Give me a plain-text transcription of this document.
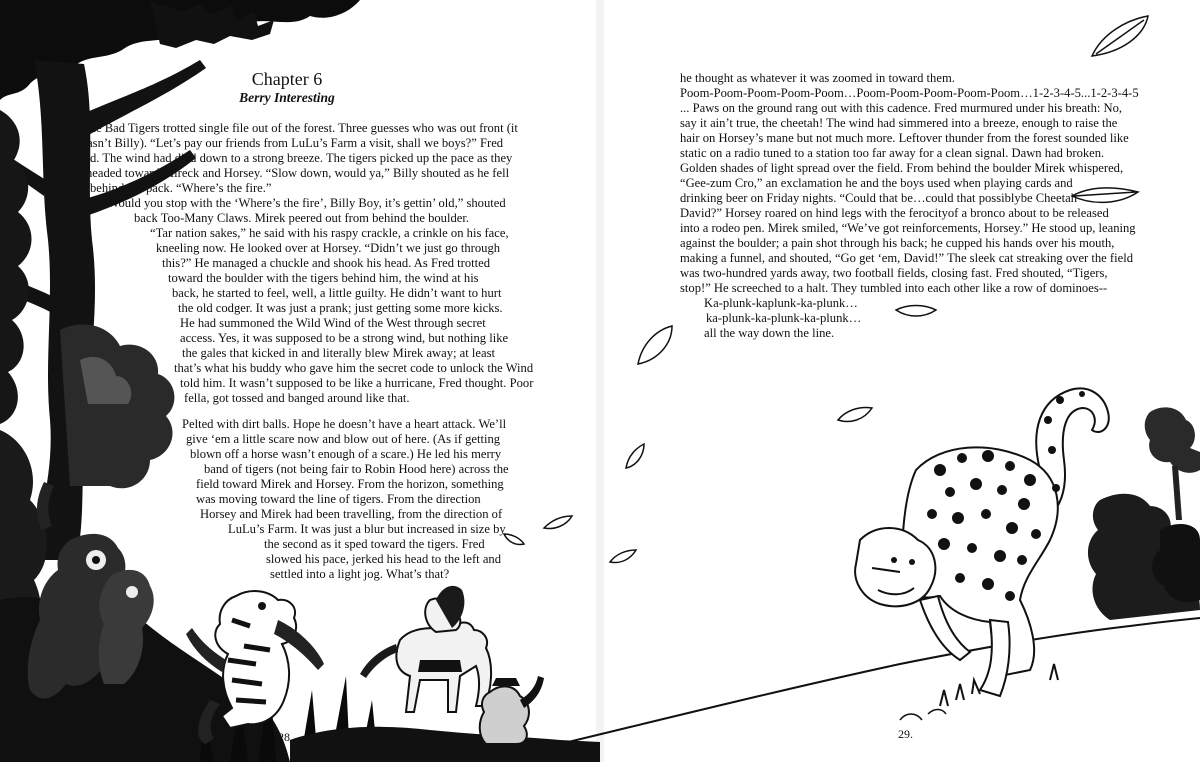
Chapter 6
Berry Interesting
The Bad Tigers trotted single file out of the forest. Three guesses who was out front (it
wasn’t Billy). “Let’s pay our friends from LuLu’s Farm a visit, shall we boys?” Fred
said. The wind had died down to a strong breeze. The tigers picked up the pace as they
headed toward Mireck and Horsey. “Slow down, would ya,” Billy shouted as he fell
behind the pack. “Where’s the fire.”
“Would you stop with the ‘Where’s the fire’, Billy Boy, it’s gettin’ old,” shouted
back Too-Many Claws. Mirek peered out from behind the boulder.
“Tar nation sakes,” he said with his raspy crackle, a crinkle on his face,
kneeling now. He looked over at Horsey. “Didn’t we just go through
this?” He managed a chuckle and shook his head. As Fred trotted
toward the boulder with the tigers behind him, the wind at his
back, he started to feel, well, a little guilty. He didn’t want to hurt
the old codger. It was just a prank; just getting some more kicks.
He had summoned the Wild Wind of the West through secret
access. Yes, it was supposed to be a strong wind, but nothing like
the gales that kicked in and literally blew Mirek away; at least
that’s what his buddy who gave him the secret code to unlock the Wind
told him. It wasn’t supposed to be like a hurricane, Fred thought. Poor
fella, got tossed and banged around like that.
Pelted with dirt balls. Hope he doesn’t have a heart attack. We’ll
give ‘em a little scare now and blow out of here. (As if getting
blown off a horse wasn’t enough of a scare.) He led his merry
band of tigers (not being fair to Robin Hood here) across the
field toward Mirek and Horsey. From the horizon, something
was moving toward the line of tigers. From the direction
Horsey and Mirek had been travelling, from the direction of
LuLu’s Farm. It was just a blur but increased in size by
the second as it sped toward the tigers. Fred
slowed his pace, jerked his head to the left and
settled into a light jog. What’s that?
28.
he thought as whatever it was zoomed in toward them.
Poom-Poom-Poom-Poom-Poom…Poom-Poom-Poom-Poom-Poom…1-2-3-4-5...1-2-3-4-5
... Paws on the ground rang out with this cadence. Fred murmured under his breath: No,
say it ain’t true, the cheetah! The wind had simmered into a breeze, enough to raise the
hair on Horsey’s mane but not much more. Leftover thunder from the forest sounded like
static on a radio tuned to a station too far away for a clean signal. Dawn had broken.
Golden shades of light spread over the field. From behind the boulder Mirek whispered,
“Gee-zum Cro,” an exclamation he and the boys used when playing cards and
drinking beer on Friday nights. “Could that be…could that possiblybe Cheetah
David?” Horsey roared on hind legs with the ferocityof a bronco about to be released
into a rodeo pen. Mirek smiled, “We’ve got reinforcements, Horsey.” He stood up, leaning
against the boulder; a pain shot through his back; he cupped his hands over his mouth,
making a funnel, and shouted, “Go get ‘em, David!” The sleek cat streaking over the field
was two-hundred yards away, two football fields, closing fast. Fred shouted, “Tigers,
stop!” He screeched to a halt. They tumbled into each other like a row of dominoes--
Ka-plunk-kaplunk-ka-plunk…
ka-plunk-ka-plunk-ka-plunk…
all the way down the line.
29.
